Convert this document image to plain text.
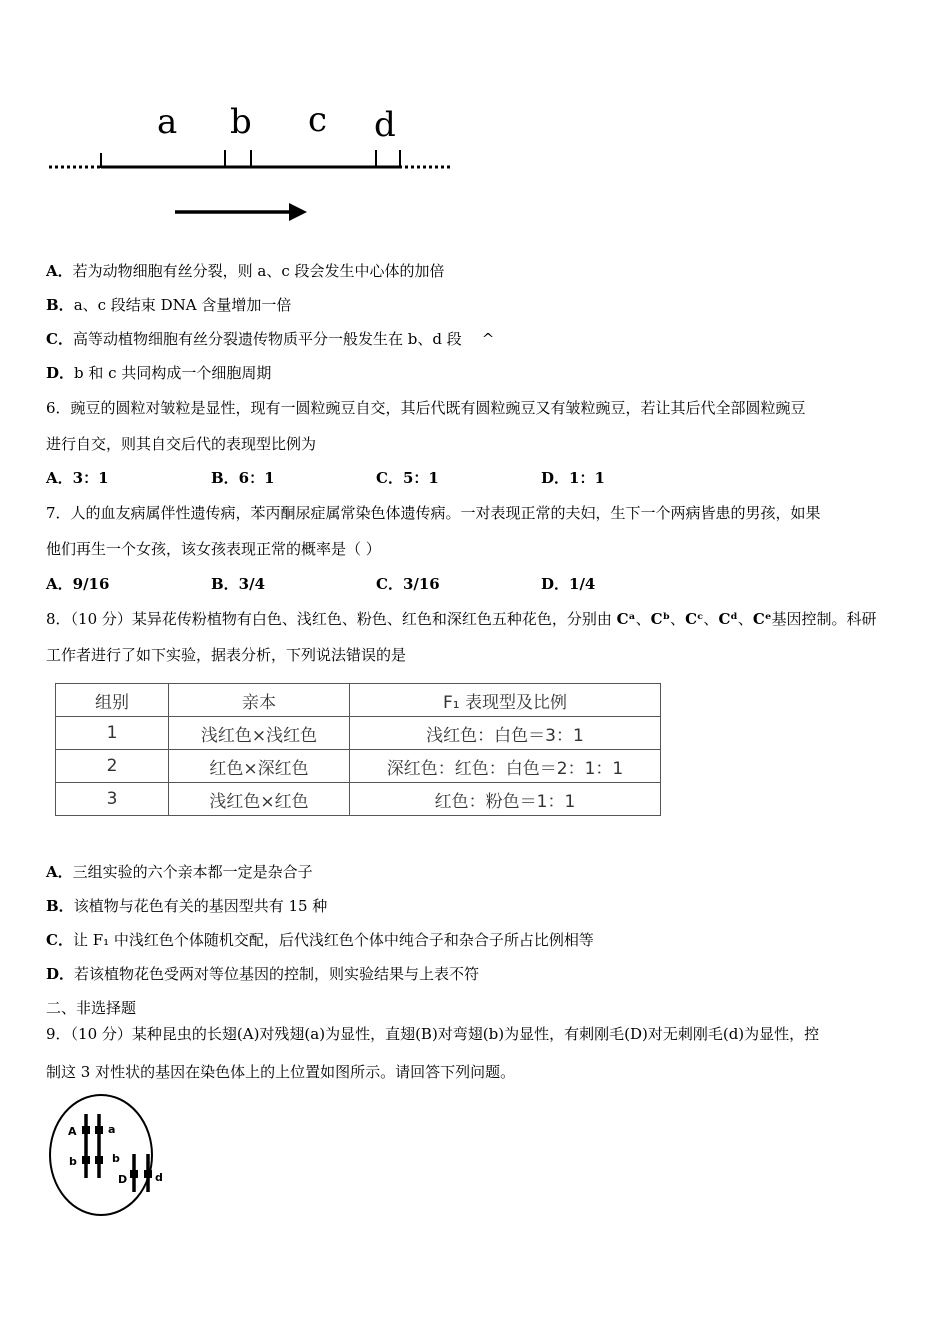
a b c d
A．若为动物细胞有丝分裂，则 a、c 段会发生中心体的加倍
B．a、c 段结束 DNA 含量增加一倍
C．高等动植物细胞有丝分裂遗传物质平分一般发生在 b、d 段 ^
D．b 和 c 共同构成一个细胞周期
6．豌豆的圆粒对皱粒是显性，现有一圆粒豌豆自交，其后代既有圆粒豌豆又有皱粒豌豆，若让其后代全部圆粒豌豆
进行自交，则其自交后代的表现型比例为
A．3：1	B．6：1	C．5：1	D．1：1
7．人的血友病属伴性遗传病，苯丙酮尿症属常染色体遗传病。一对表现正常的夫妇，生下一个两病皆患的男孩，如果
他们再生一个女孩，该女孩表现正常的概率是（ ）
A．9/16	B．3/4	C．3/16	D．1/4
8．（10 分）某异花传粉植物有白色、浅红色、粉色、红色和深红色五种花色，分别由 Cᵃ、Cᵇ、Cᶜ、Cᵈ、Cᵉ基因控制。科研
工作者进行了如下实验，据表分析，下列说法错误的是
组别	亲本	F₁ 表现型及比例
1	浅红色×浅红色	浅红色：白色＝3：1
2	红色×深红色	深红色：红色：白色＝2：1：1
3	浅红色×红色	红色：粉色＝1：1
A．三组实验的六个亲本都一定是杂合子
B．该植物与花色有关的基因型共有 15 种
C．让 F₁ 中浅红色个体随机交配，后代浅红色个体中纯合子和杂合子所占比例相等
D．若该植物花色受两对等位基因的控制，则实验结果与上表不符
二、非选择题
9．（10 分）某种昆虫的长翅(A)对残翅(a)为显性，直翅(B)对弯翅(b)为显性，有刺刚毛(D)对无刺刚毛(d)为显性，控
制这 3 对性状的基因在染色体上的上位置如图所示。请回答下列问题。
A	a
b	b
D	d
